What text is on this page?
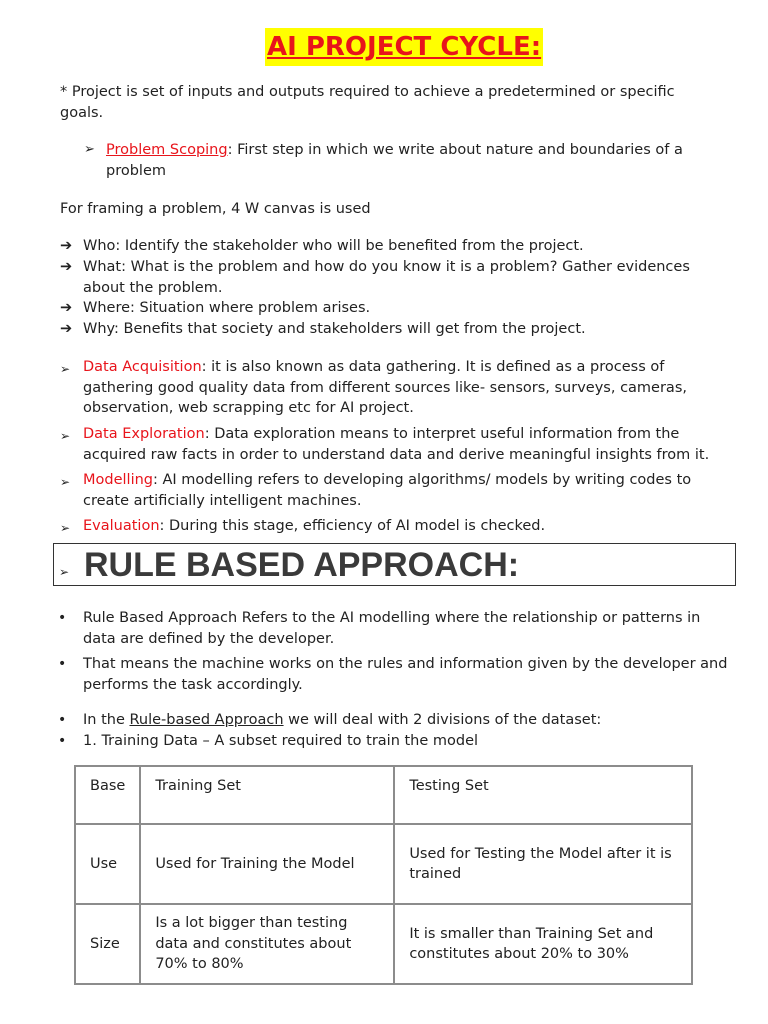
AI PROJECT CYCLE:
* Project is set of inputs and outputs required to achieve a predetermined or specific goals.
➢ Problem Scoping: First step in which we write about nature and boundaries of a problem
For framing a problem, 4 W canvas is used
➔ Who: Identify the stakeholder who will be benefited from the project.
➔ What: What is the problem and how do you know it is a problem? Gather evidences about the problem.
➔ Where: Situation where problem arises.
➔ Why: Benefits that society and stakeholders will get from the project.
➢ Data Acquisition: it is also known as data gathering. It is defined as a process of gathering good quality data from different sources like- sensors, surveys, cameras, observation, web scrapping etc for AI project.
➢ Data Exploration: Data exploration means to interpret useful information from the acquired raw facts in order to understand data and derive meaningful insights from it.
➢ Modelling: AI modelling refers to developing algorithms/ models by writing codes to create artificially intelligent machines.
➢ Evaluation: During this stage, efficiency of AI model is checked.
➢ RULE BASED APPROACH:
• Rule Based Approach Refers to the AI modelling where the relationship or patterns in data are defined by the developer.
• That means the machine works on the rules and information given by the developer and performs the task accordingly.
• In the Rule-based Approach we will deal with 2 divisions of the dataset:
• 1. Training Data – A subset required to train the model
Base	Training Set	Testing Set
Use	Used for Training the Model	Used for Testing the Model after it is trained
Size	Is a lot bigger than testing data and constitutes about 70% to 80%	It is smaller than Training Set and constitutes about 20% to 30%
